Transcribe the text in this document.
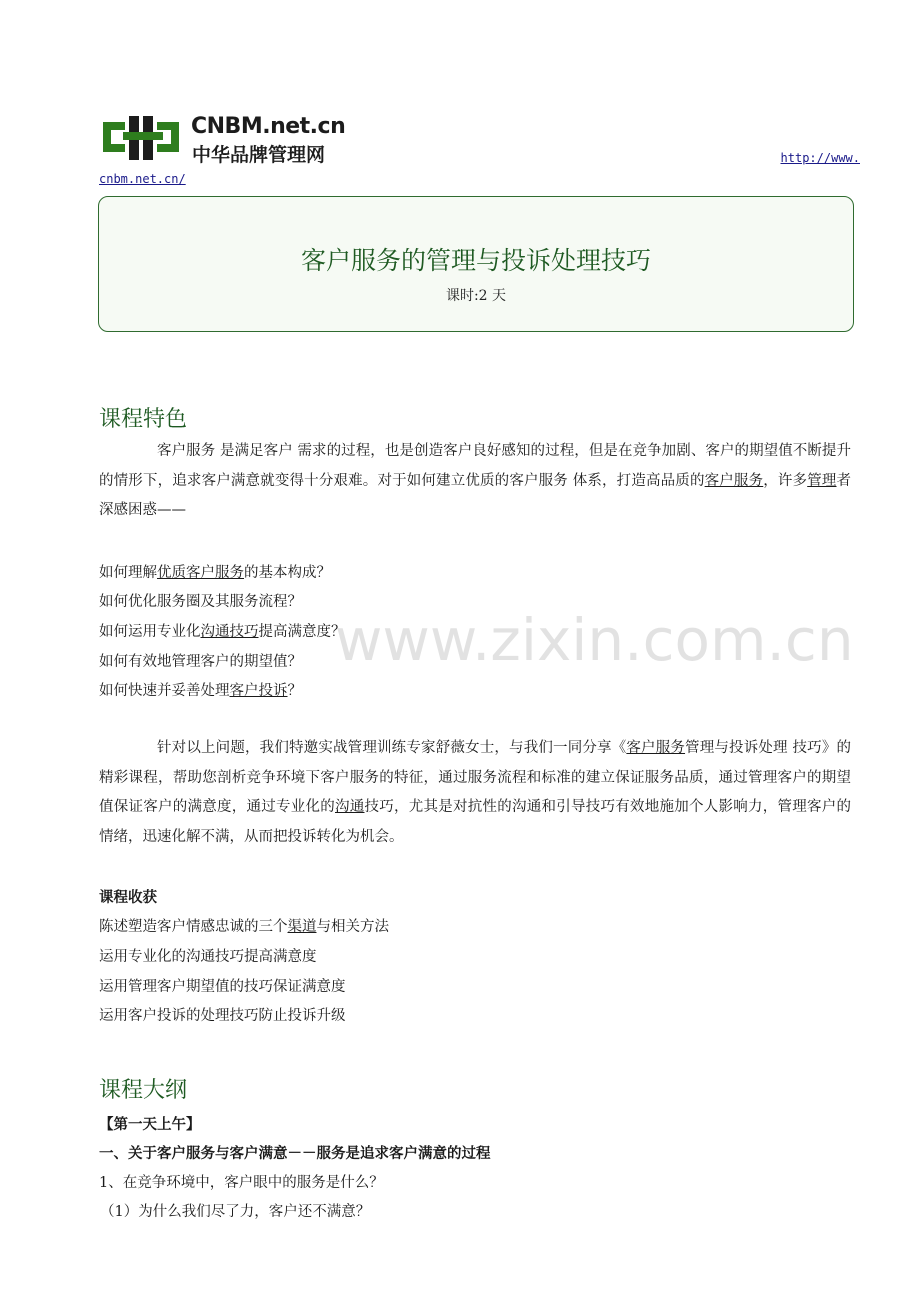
CNBM.net.cn
中华品牌管理网	http://www.
cnbm.net.cn/
客户服务的管理与投诉处理技巧
课时:2 天
www.zixin.com.cn
课程特色
客户服务 是满足客户 需求的过程，也是创造客户良好感知的过程，但是在竞争加剧、客户的期望值不断提升的情形下，追求客户满意就变得十分艰难。对于如何建立优质的客户服务 体系，打造高品质的客户服务，许多管理者深感困惑——
如何理解优质客户服务的基本构成？
如何优化服务圈及其服务流程？
如何运用专业化沟通技巧提高满意度？
如何有效地管理客户的期望值？
如何快速并妥善处理客户投诉？
针对以上问题，我们特邀实战管理训练专家舒薇女士，与我们一同分享《客户服务管理与投诉处理 技巧》的精彩课程，帮助您剖析竞争环境下客户服务的特征，通过服务流程和标准的建立保证服务品质，通过管理客户的期望值保证客户的满意度，通过专业化的沟通技巧，尤其是对抗性的沟通和引导技巧有效地施加个人影响力，管理客户的情绪，迅速化解不满，从而把投诉转化为机会。
课程收获
陈述塑造客户情感忠诚的三个渠道与相关方法
运用专业化的沟通技巧提高满意度
运用管理客户期望值的技巧保证满意度
运用客户投诉的处理技巧防止投诉升级
课程大纲
【第一天上午】
一、关于客户服务与客户满意－－服务是追求客户满意的过程
1、在竞争环境中，客户眼中的服务是什么？
（1）为什么我们尽了力，客户还不满意？
